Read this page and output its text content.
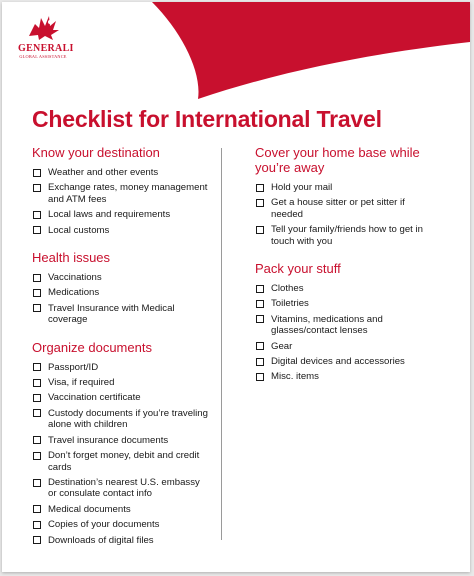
GENERALI
GLOBAL ASSISTANCE
Checklist for International Travel
Know your destination
Weather and other events
Exchange rates, money management and ATM fees
Local laws and requirements
Local customs
Health issues
Vaccinations
Medications
Travel Insurance with Medical coverage
Organize documents
Passport/ID
Visa, if required
Vaccination certificate
Custody documents if you’re traveling alone with children
Travel insurance documents
Don’t forget money, debit and credit cards
Destination’s nearest U.S. embassy or consulate contact info
Medical documents
Copies of your documents
Downloads of digital files
Cover your home base while you’re away
Hold your mail
Get a house sitter or pet sitter if needed
Tell your family/friends how to get in touch with you
Pack your stuff
Clothes
Toiletries
Vitamins, medications and glasses/contact lenses
Gear
Digital devices and accessories
Misc. items
